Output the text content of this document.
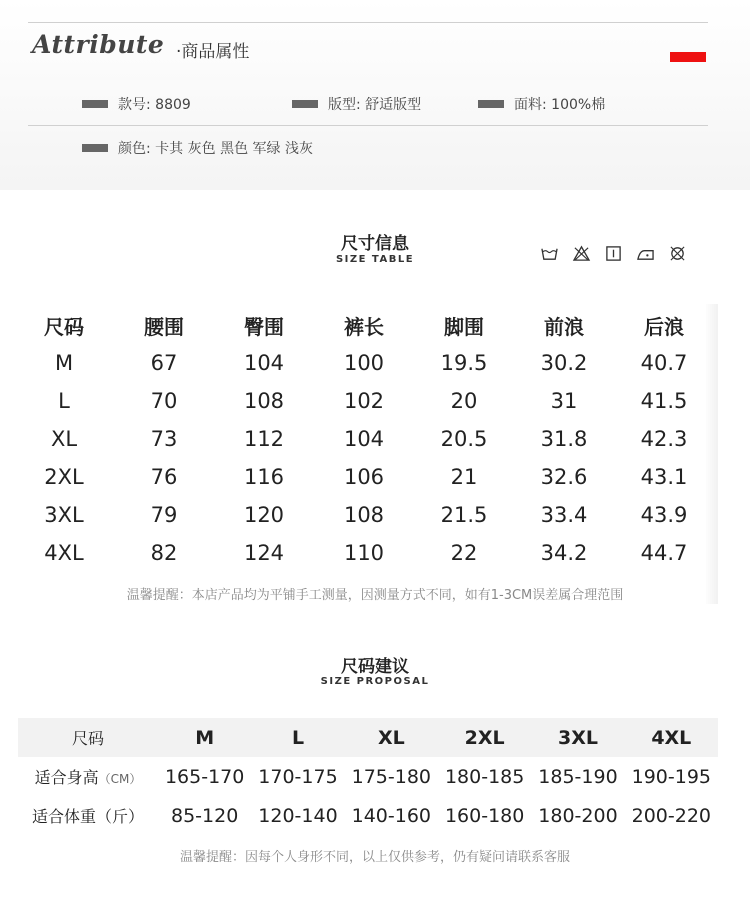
Attribute ·商品属性
款号: 8809	版型: 舒适版型	面料: 100%棉
颜色: 卡其 灰色 黑色 军绿 浅灰
尺寸信息
SIZE TABLE
尺码	腰围	臀围	裤长	脚围	前浪	后浪
M	67	104	100	19.5	30.2	40.7
L	70	108	102	20	31	41.5
XL	73	112	104	20.5	31.8	42.3
2XL	76	116	106	21	32.6	43.1
3XL	79	120	108	21.5	33.4	43.9
4XL	82	124	110	22	34.2	44.7
温馨提醒：本店产品均为平铺手工测量，因测量方式不同，如有1-3CM误差属合理范围
尺码建议
SIZE PROPOSAL
尺码	M	L	XL	2XL	3XL	4XL
适合身高（CM）	165-170 170-175 175-180 180-185 185-190 190-195
适合体重（斤）	85-120	120-140 140-160 160-180 180-200 200-220
温馨提醒：因每个人身形不同，以上仅供参考，仍有疑问请联系客服
